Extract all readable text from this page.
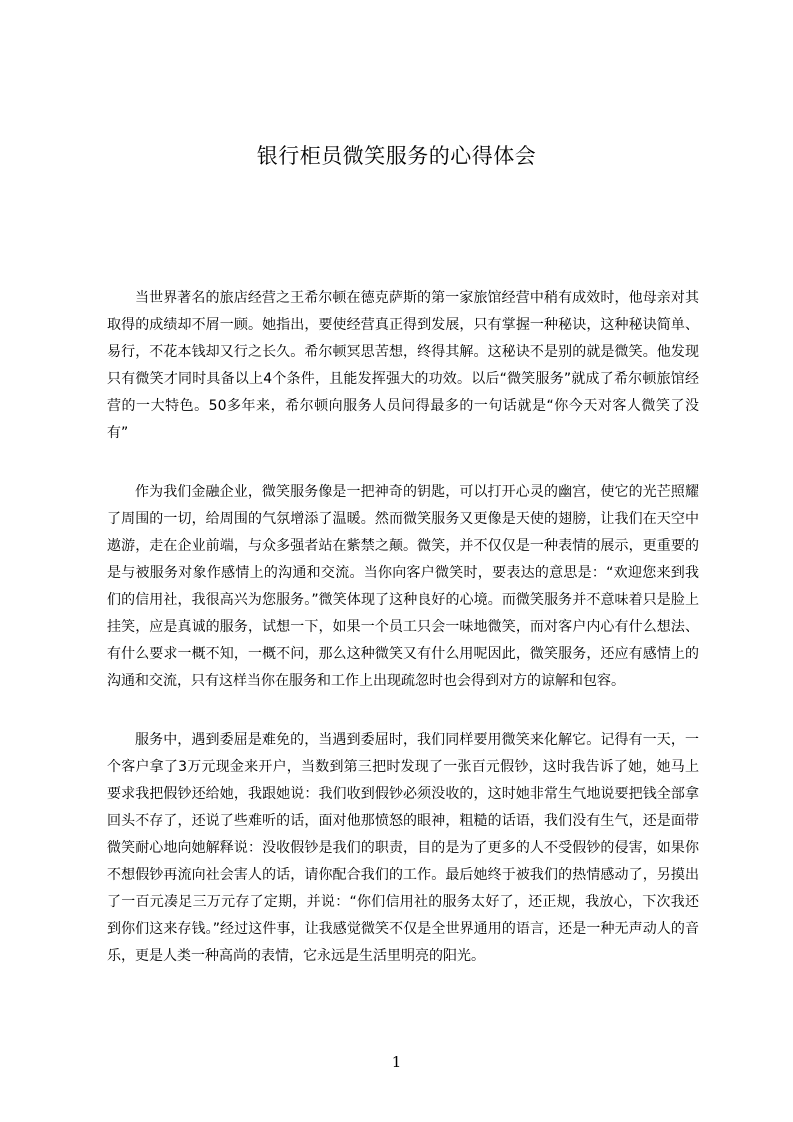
银行柜员微笑服务的心得体会

当世界著名的旅店经营之王希尔顿在德克萨斯的第一家旅馆经营中稍有成效时，他母亲对其取得的成绩却不屑一顾。她指出，要使经营真正得到发展，只有掌握一种秘诀，这种秘诀简单、易行，不花本钱却又行之长久。希尔顿冥思苦想，终得其解。这秘诀不是别的就是微笑。他发现只有微笑才同时具备以上4个条件，且能发挥强大的功效。以后“微笑服务”就成了希尔顿旅馆经营的一大特色。50多年来，希尔顿向服务人员问得最多的一句话就是“你今天对客人微笑了没有”

作为我们金融企业，微笑服务像是一把神奇的钥匙，可以打开心灵的幽宫，使它的光芒照耀了周围的一切，给周围的气氛增添了温暖。然而微笑服务又更像是天使的翅膀，让我们在天空中遨游，走在企业前端，与众多强者站在紫禁之颠。微笑，并不仅仅是一种表情的展示，更重要的是与被服务对象作感情上的沟通和交流。当你向客户微笑时，要表达的意思是：“欢迎您来到我们的信用社，我很高兴为您服务。”微笑体现了这种良好的心境。而微笑服务并不意味着只是脸上挂笑，应是真诚的服务，试想一下，如果一个员工只会一味地微笑，而对客户内心有什么想法、有什么要求一概不知，一概不问，那么这种微笑又有什么用呢因此，微笑服务，还应有感情上的沟通和交流，只有这样当你在服务和工作上出现疏忽时也会得到对方的谅解和包容。

服务中，遇到委屈是难免的，当遇到委屈时，我们同样要用微笑来化解它。记得有一天，一个客户拿了3万元现金来开户，当数到第三把时发现了一张百元假钞，这时我告诉了她，她马上要求我把假钞还给她，我跟她说：我们收到假钞必须没收的，这时她非常生气地说要把钱全部拿回头不存了，还说了些难听的话，面对他那愤怒的眼神，粗糙的话语，我们没有生气，还是面带微笑耐心地向她解释说：没收假钞是我们的职责，目的是为了更多的人不受假钞的侵害，如果你不想假钞再流向社会害人的话，请你配合我们的工作。最后她终于被我们的热情感动了，另摸出了一百元凑足三万元存了定期，并说：“你们信用社的服务太好了，还正规，我放心，下次我还到你们这来存钱。”经过这件事，让我感觉微笑不仅是全世界通用的语言，还是一种无声动人的音乐，更是人类一种高尚的表情，它永远是生活里明亮的阳光。

1
